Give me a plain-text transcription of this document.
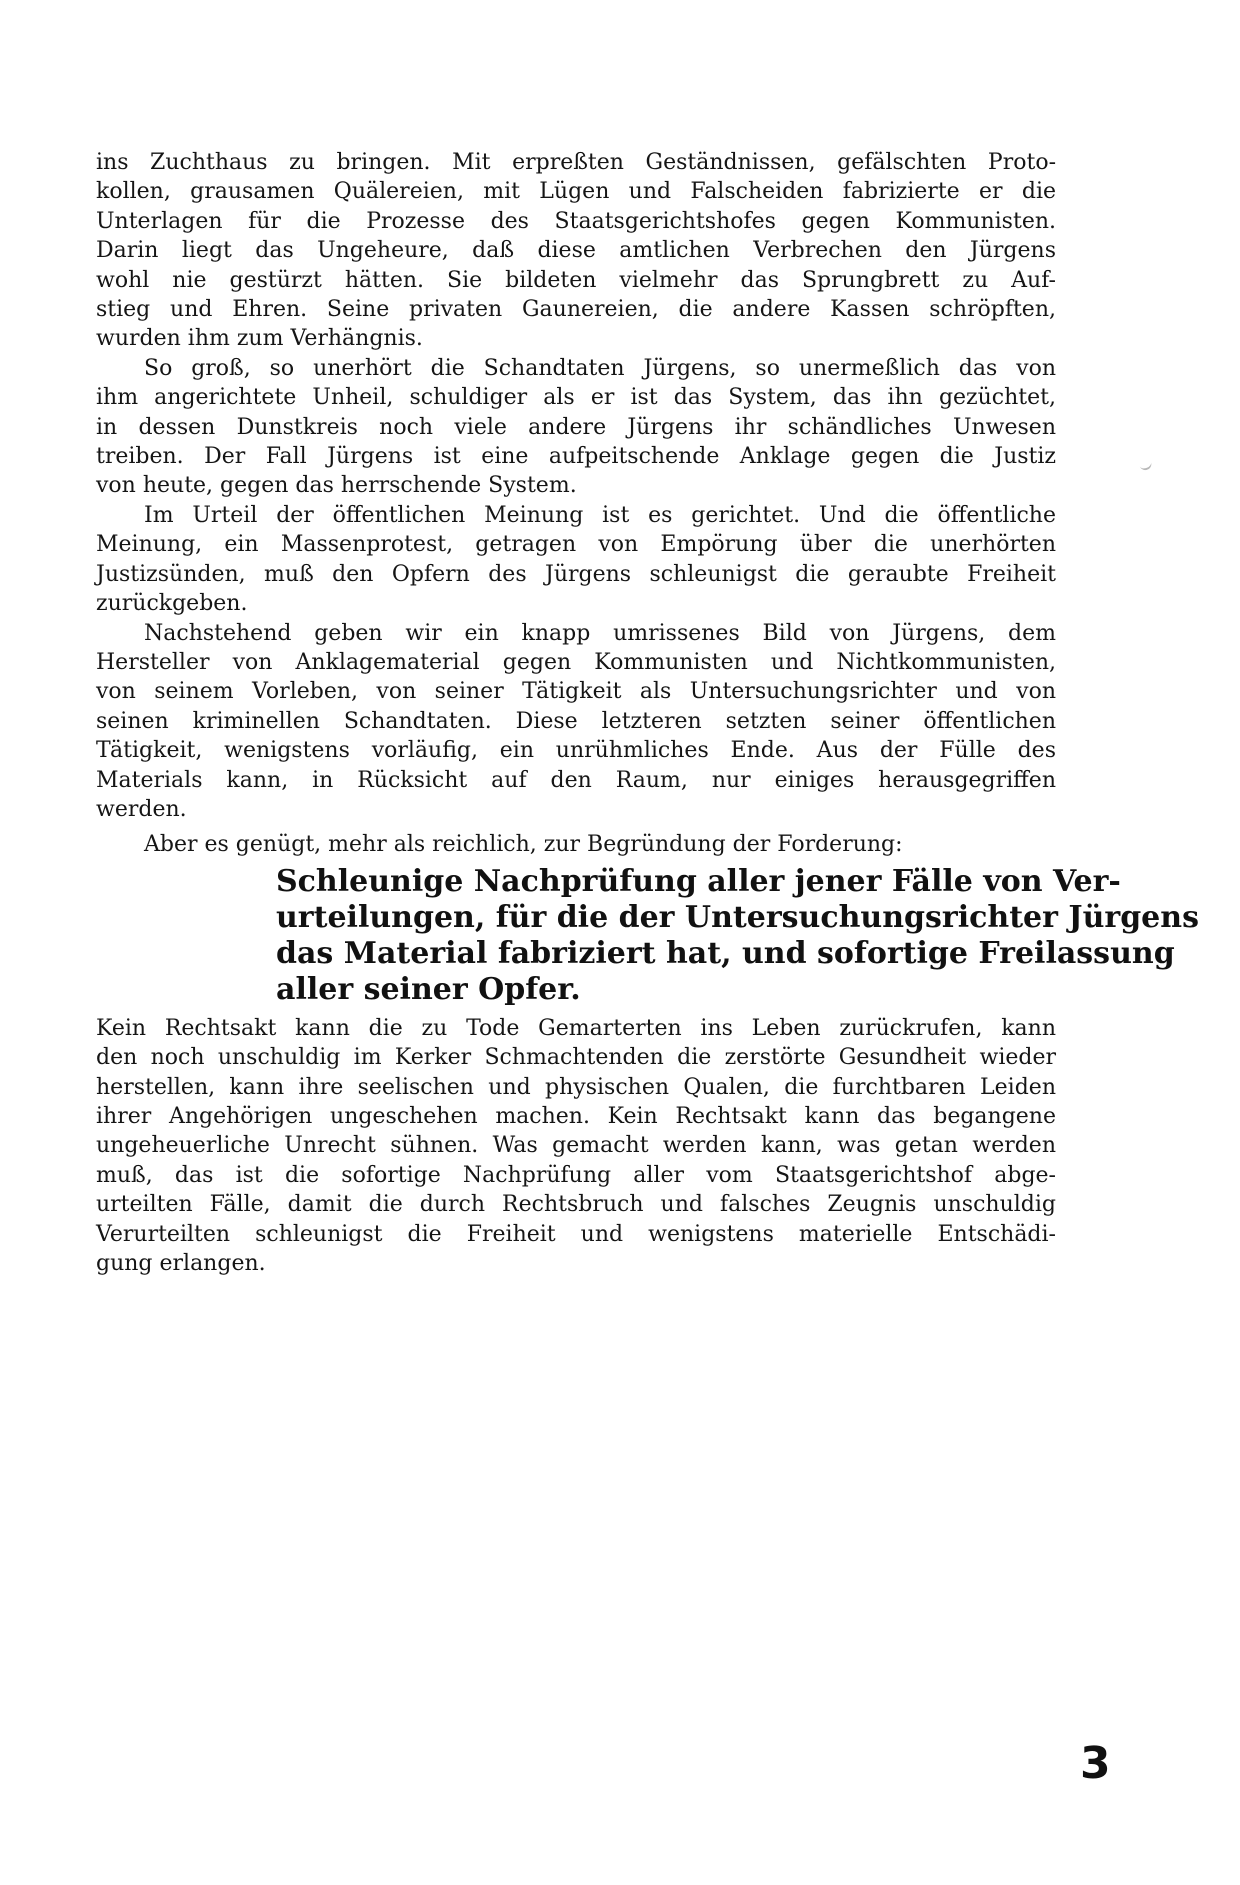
ins Zuchthaus zu bringen. Mit erpreßten Geständnissen, gefälschten Proto-
kollen, grausamen Quälereien, mit Lügen und Falscheiden fabrizierte er die
Unterlagen für die Prozesse des Staatsgerichtshofes gegen Kommunisten.
Darin liegt das Ungeheure, daß diese amtlichen Verbrechen den Jürgens
wohl nie gestürzt hätten. Sie bildeten vielmehr das Sprungbrett zu Auf-
stieg und Ehren. Seine privaten Gaunereien, die andere Kassen schröpften,
wurden ihm zum Verhängnis.
So groß, so unerhört die Schandtaten Jürgens, so unermeßlich das von
ihm angerichtete Unheil, schuldiger als er ist das System, das ihn gezüchtet,
in dessen Dunstkreis noch viele andere Jürgens ihr schändliches Unwesen
treiben. Der Fall Jürgens ist eine aufpeitschende Anklage gegen die Justiz
von heute, gegen das herrschende System.
Im Urteil der öffentlichen Meinung ist es gerichtet. Und die öffentliche
Meinung, ein Massenprotest, getragen von Empörung über die unerhörten
Justizsünden, muß den Opfern des Jürgens schleunigst die geraubte Freiheit
zurückgeben.
Nachstehend geben wir ein knapp umrissenes Bild von Jürgens, dem
Hersteller von Anklagematerial gegen Kommunisten und Nichtkommunisten,
von seinem Vorleben, von seiner Tätigkeit als Untersuchungsrichter und von
seinen kriminellen Schandtaten. Diese letzteren setzten seiner öffentlichen
Tätigkeit, wenigstens vorläufig, ein unrühmliches Ende. Aus der Fülle des
Materials kann, in Rücksicht auf den Raum, nur einiges herausgegriffen
werden.
Aber es genügt, mehr als reichlich, zur Begründung der Forderung:
Schleunige Nachprüfung aller jener Fälle von Ver-
urteilungen, für die der Untersuchungsrichter Jürgens
das Material fabriziert hat, und sofortige Freilassung
aller seiner Opfer.
Kein Rechtsakt kann die zu Tode Gemarterten ins Leben zurückrufen, kann
den noch unschuldig im Kerker Schmachtenden die zerstörte Gesundheit wieder
herstellen, kann ihre seelischen und physischen Qualen, die furchtbaren Leiden
ihrer Angehörigen ungeschehen machen. Kein Rechtsakt kann das begangene
ungeheuerliche Unrecht sühnen. Was gemacht werden kann, was getan werden
muß, das ist die sofortige Nachprüfung aller vom Staatsgerichtshof abge-
urteilten Fälle, damit die durch Rechtsbruch und falsches Zeugnis unschuldig
Verurteilten schleunigst die Freiheit und wenigstens materielle Entschädi-
gung erlangen.
3
